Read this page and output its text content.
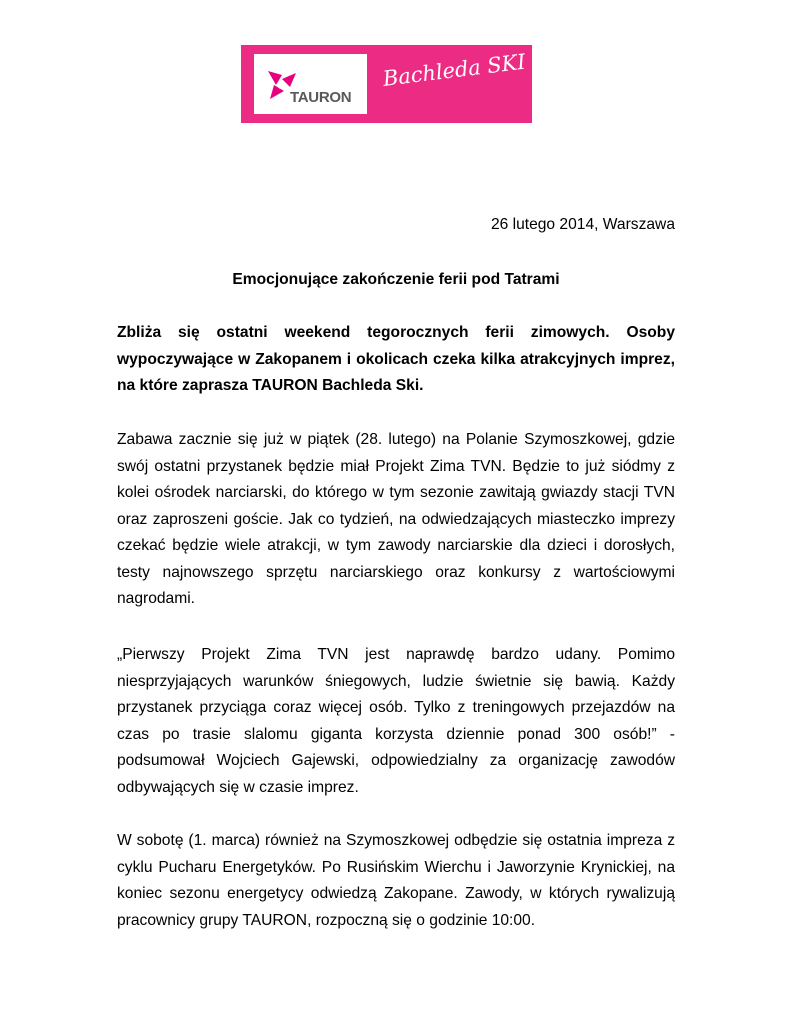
TAURON
Bachleda SKI
26 lutego 2014, Warszawa
Emocjonujące zakończenie ferii pod Tatrami
Zbliża się ostatni weekend tegorocznych ferii zimowych. Osoby wypoczywające w Zakopanem i okolicach czeka kilka atrakcyjnych imprez, na które zaprasza TAURON Bachleda Ski.

Zabawa zacznie się już w piątek (28. lutego) na Polanie Szymoszkowej, gdzie swój ostatni przystanek będzie miał Projekt Zima TVN. Będzie to już siódmy z kolei ośrodek narciarski, do którego w tym sezonie zawitają gwiazdy stacji TVN oraz zaproszeni goście. Jak co tydzień, na odwiedzających miasteczko imprezy czekać będzie wiele atrakcji, w tym zawody narciarskie dla dzieci i dorosłych, testy najnowszego sprzętu narciarskiego oraz konkursy z wartościowymi nagrodami.

„Pierwszy Projekt Zima TVN jest naprawdę bardzo udany. Pomimo niesprzyjających warunków śniegowych, ludzie świetnie się bawią. Każdy przystanek przyciąga coraz więcej osób. Tylko z treningowych przejazdów na czas po trasie slalomu giganta korzysta dziennie ponad 300 osób!” - podsumował Wojciech Gajewski, odpowiedzialny za organizację zawodów odbywających się w czasie imprez.

W sobotę (1. marca) również na Szymoszkowej odbędzie się ostatnia impreza z cyklu Pucharu Energetyków. Po Rusińskim Wierchu i Jaworzynie Krynickiej, na koniec sezonu energetycy odwiedzą Zakopane. Zawody, w których rywalizują pracownicy grupy TAURON, rozpoczną się o godzinie 10:00.
